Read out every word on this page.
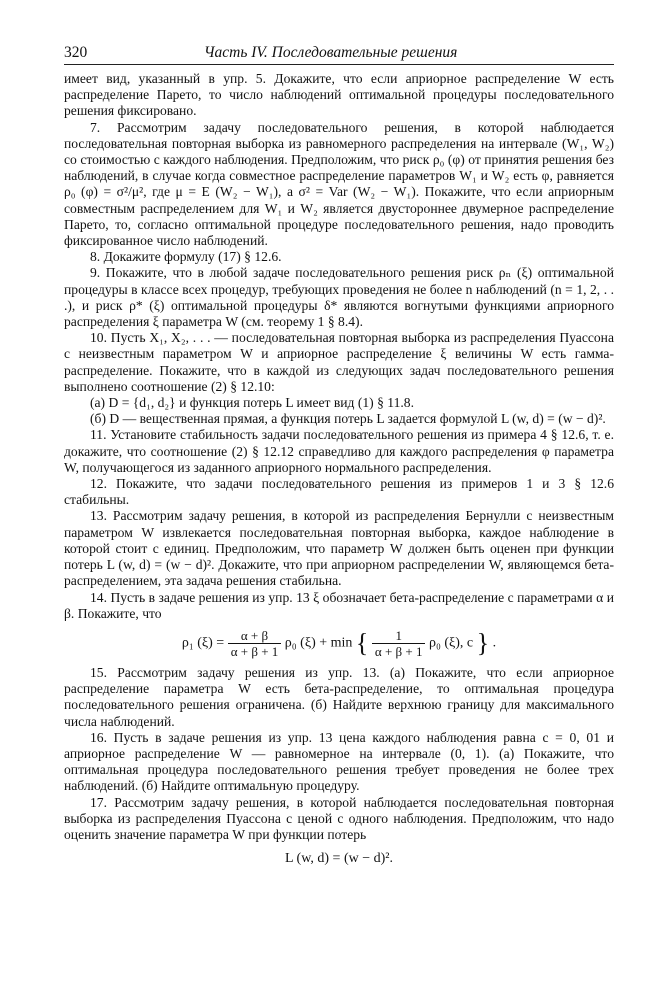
320	Часть IV. Последовательные решения

имеет вид, указанный в упр. 5. Докажите, что если априорное распределение W есть распределение Парето, то число наблюдений оптимальной процедуры последовательного решения фиксировано.

7. Рассмотрим задачу последовательного решения, в которой наблюдается последовательная повторная выборка из равномерного распределения на интервале (W₁, W₂) со стоимостью c каждого наблюдения. Предположим, что риск ρ₀ (φ) от принятия решения без наблюдений, в случае когда совместное распределение параметров W₁ и W₂ есть φ, равняется ρ₀ (φ) = σ²/μ², где μ = E (W₂ − W₁), а σ² = Var (W₂ − W₁). Покажите, что если априорным совместным распределением для W₁ и W₂ является двустороннее двумерное распределение Парето, то, согласно оптимальной процедуре последовательного решения, надо проводить фиксированное число наблюдений.

8. Докажите формулу (17) § 12.6.

9. Покажите, что в любой задаче последовательного решения риск ρₙ (ξ) оптимальной процедуры в классе всех процедур, требующих проведения не более n наблюдений (n = 1, 2, . . .), и риск ρ* (ξ) оптимальной процедуры δ* являются вогнутыми функциями априорного распределения ξ параметра W (см. теорему 1 § 8.4).

10. Пусть X₁, X₂, . . . — последовательная повторная выборка из распределения Пуассона с неизвестным параметром W и априорное распределение ξ величины W есть гамма-распределение. Покажите, что в каждой из следующих задач последовательного решения выполнено соотношение (2) § 12.10:

(а) D = {d₁, d₂} и функция потерь L имеет вид (1) § 11.8.

(б) D — вещественная прямая, а функция потерь L задается формулой L (w, d) = (w − d)².

11. Установите стабильность задачи последовательного решения из примера 4 § 12.6, т. е. докажите, что соотношение (2) § 12.12 справедливо для каждого распределения φ параметра W, получающегося из заданного априорного нормального распределения.

12. Покажите, что задачи последовательного решения из примеров 1 и 3 § 12.6 стабильны.

13. Рассмотрим задачу решения, в которой из распределения Бернулли с неизвестным параметром W извлекается последовательная повторная выборка, каждое наблюдение в которой стоит c единиц. Предположим, что параметр W должен быть оценен при функции потерь L (w, d) = (w − d)². Докажите, что при априорном распределении W, являющемся бета-распределением, эта задача решения стабильна.

14. Пусть в задаче решения из упр. 13 ξ обозначает бета-распределение с параметрами α и β. Покажите, что

ρ₁ $(\xi) = \frac{\alpha + \beta}{\alpha + \beta + 1} \rho_0$ (ξ) + min { $\frac{1}{\alpha + \beta + 1} \rho_0$ (ξ), c } .

15. Рассмотрим задачу решения из упр. 13. (а) Покажите, что если априорное распределение параметра W есть бета-распределение, то оптимальная процедура последовательного решения ограничена. (б) Найдите верхнюю границу для максимального числа наблюдений.

16. Пусть в задаче решения из упр. 13 цена каждого наблюдения равна c = 0, 01 и априорное распределение W — равномерное на интервале (0, 1). (а) Покажите, что оптимальная процедура последовательного решения требует проведения не более трех наблюдений. (б) Найдите оптимальную процедуру.

17. Рассмотрим задачу решения, в которой наблюдается последовательная повторная выборка из распределения Пуассона с ценой c одного наблюдения. Предположим, что надо оценить значение параметра W при функции потерь

L (w, d) = (w − d)².
